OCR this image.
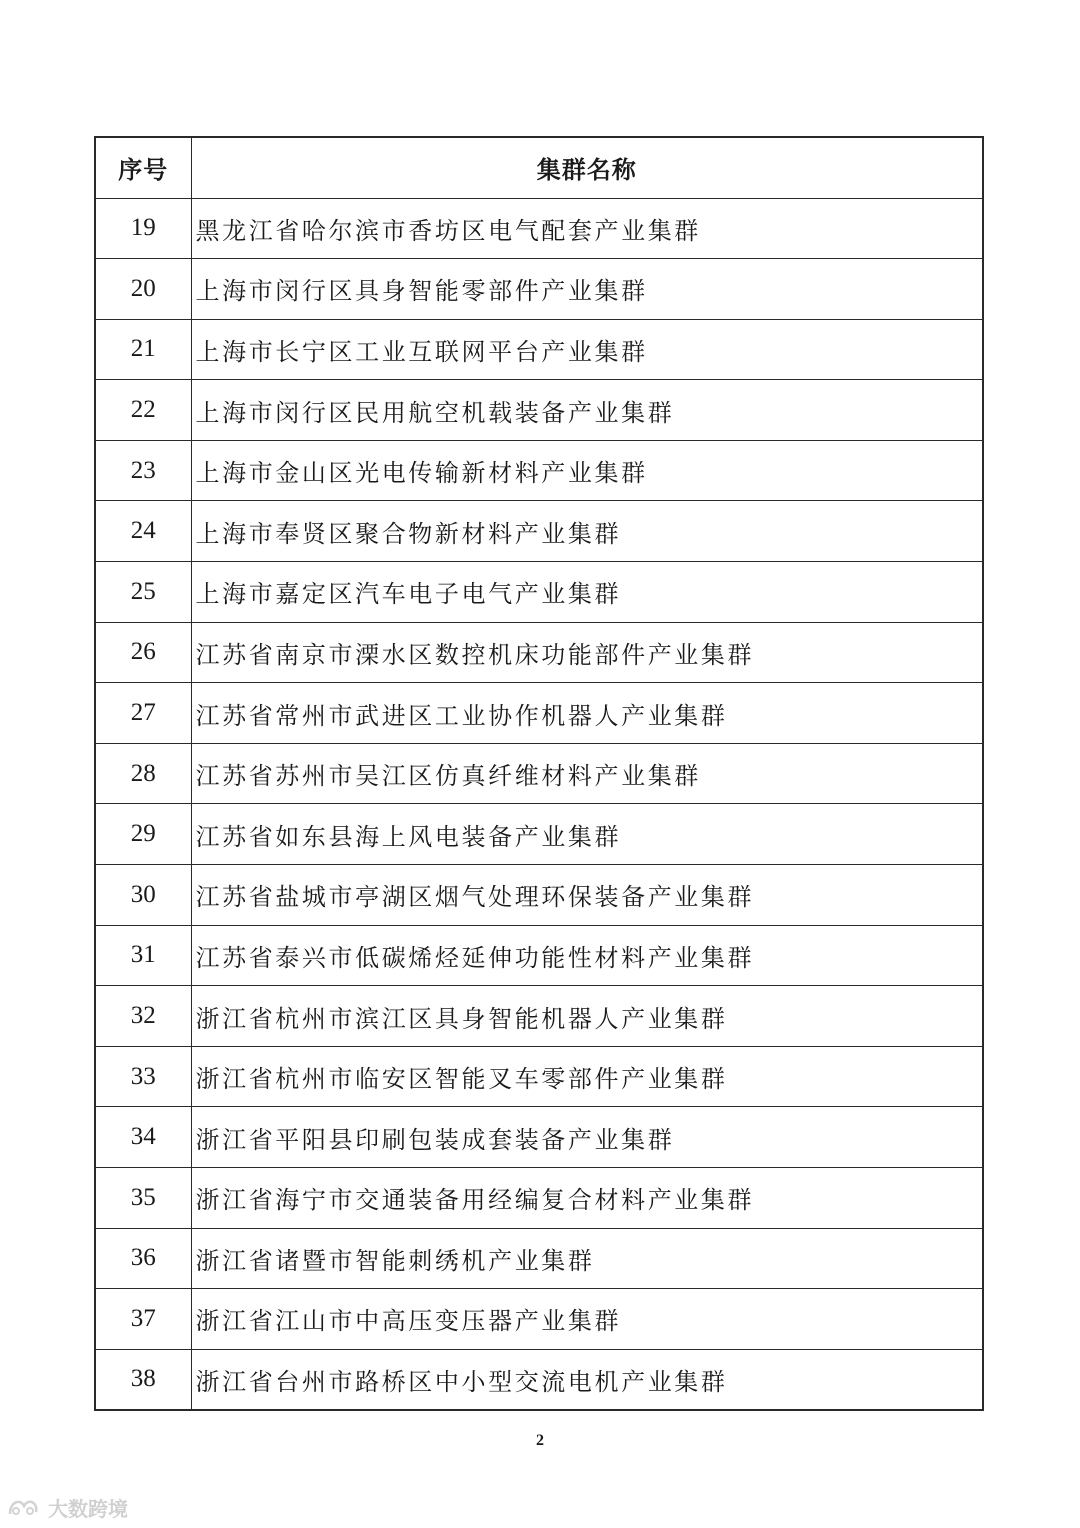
序号	集群名称
19	黑龙江省哈尔滨市香坊区电气配套产业集群
20	上海市闵行区具身智能零部件产业集群
21	上海市长宁区工业互联网平台产业集群
22	上海市闵行区民用航空机载装备产业集群
23	上海市金山区光电传输新材料产业集群
24	上海市奉贤区聚合物新材料产业集群
25	上海市嘉定区汽车电子电气产业集群
26	江苏省南京市溧水区数控机床功能部件产业集群
27	江苏省常州市武进区工业协作机器人产业集群
28	江苏省苏州市吴江区仿真纤维材料产业集群
29	江苏省如东县海上风电装备产业集群
30	江苏省盐城市亭湖区烟气处理环保装备产业集群
31	江苏省泰兴市低碳烯烃延伸功能性材料产业集群
32	浙江省杭州市滨江区具身智能机器人产业集群
33	浙江省杭州市临安区智能叉车零部件产业集群
34	浙江省平阳县印刷包装成套装备产业集群
35	浙江省海宁市交通装备用经编复合材料产业集群
36	浙江省诸暨市智能刺绣机产业集群
37	浙江省江山市中高压变压器产业集群
38	浙江省台州市路桥区中小型交流电机产业集群
2
大数跨境
